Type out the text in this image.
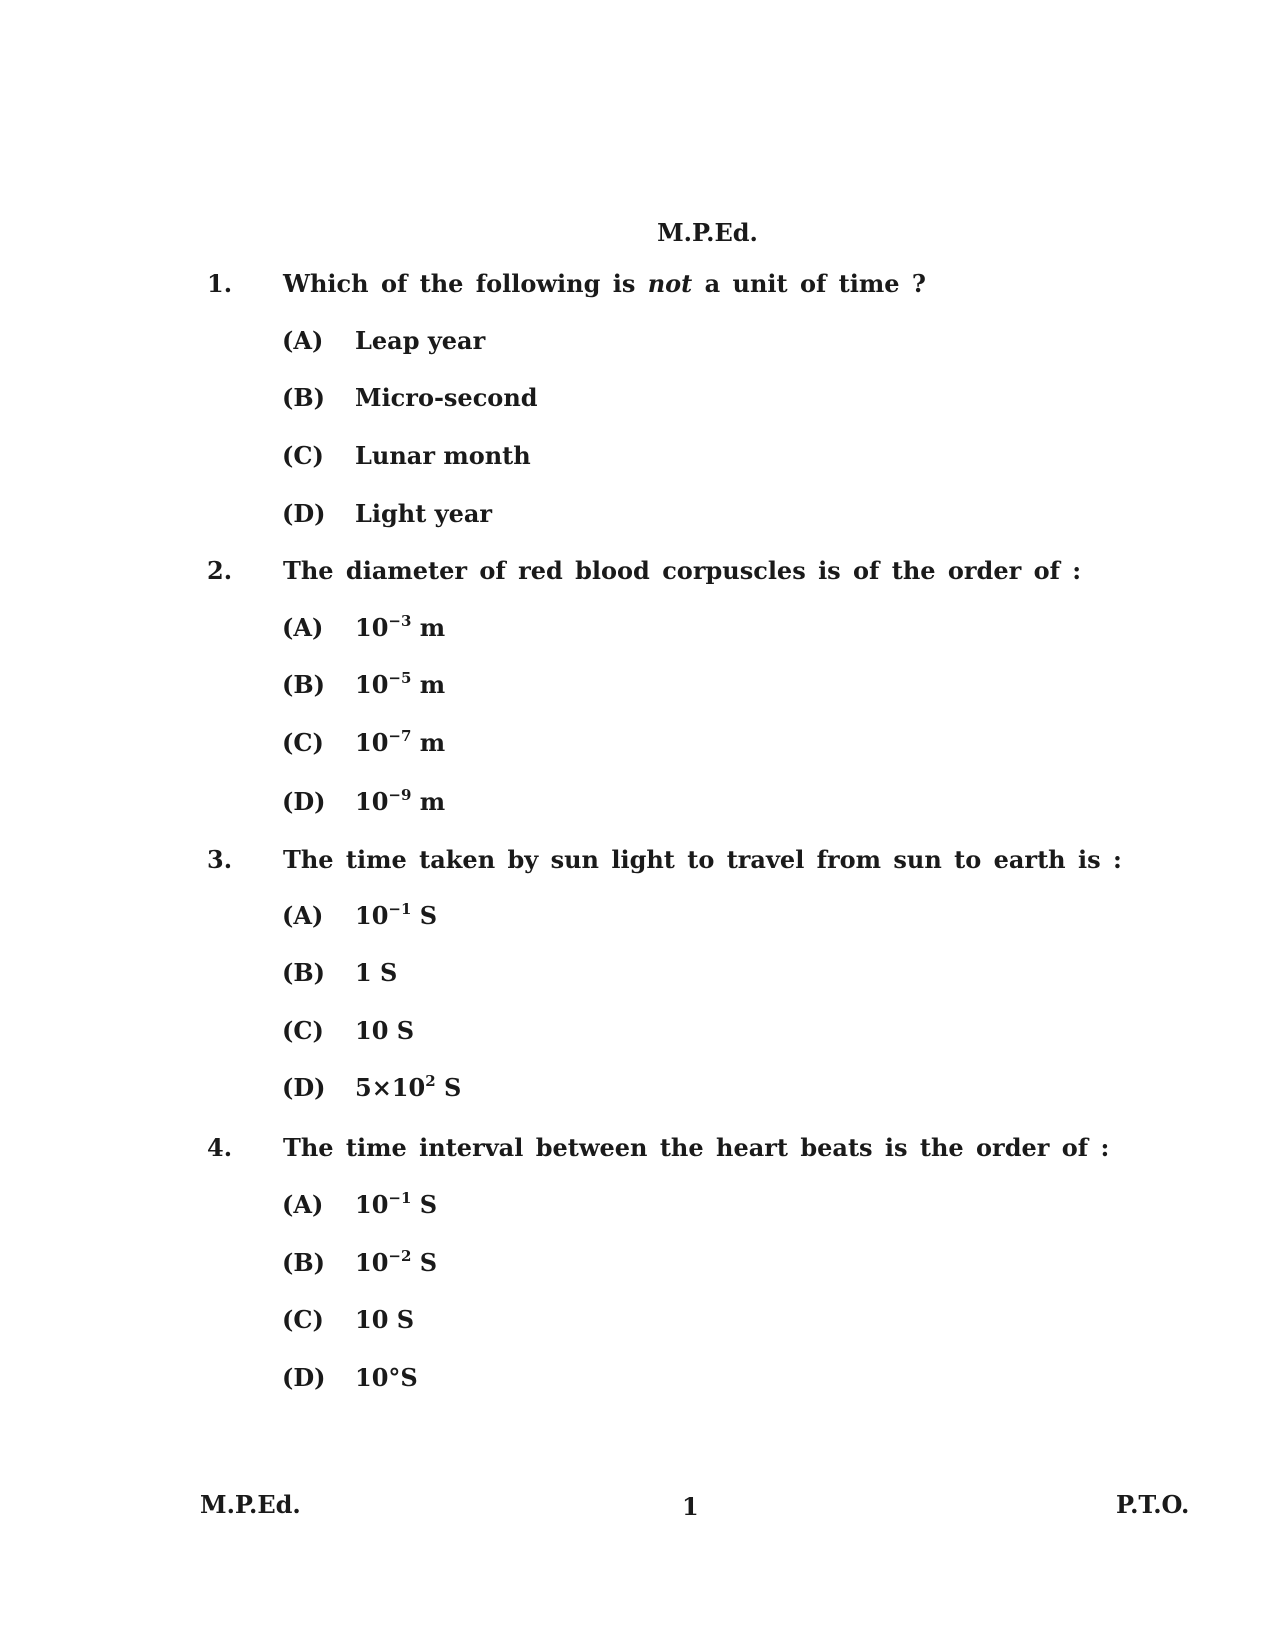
M.P.Ed.
1. Which of the following is not a unit of time ?
(A) Leap year
(B) Micro-second
(C) Lunar month
(D) Light year
2. The diameter of red blood corpuscles is of the order of :
(A) $10^{-3}$ m
(B) $10^{-5}$ m
(C) $10^{-7}$ m
(D) $10^{-9}$ m
3. The time taken by sun light to travel from sun to earth is :
(A) $10^{-1}$ S
(B) 1 S
(C) 10 S
(D) $5\times 10^2$ S
4. The time interval between the heart beats is the order of :
(A) $10^{-1}$ S
(B) $10^{-2}$ S
(C) 10 S
(D) 10°S
M.P.Ed.	1	P.T.O.
